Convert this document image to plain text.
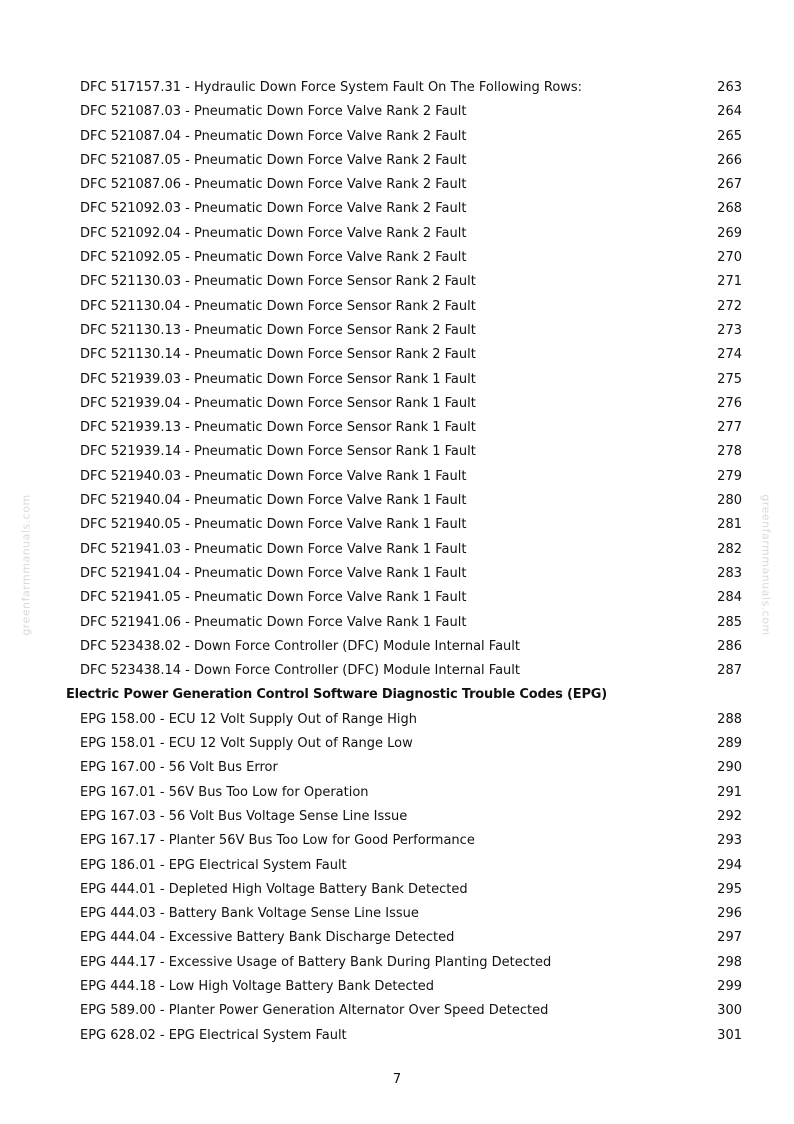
greenfarmmanuals.com	greenfarmmanuals.com
DFC 517157.31 - Hydraulic Down Force System Fault On The Following Rows:	263
DFC 521087.03 - Pneumatic Down Force Valve Rank 2 Fault	264
DFC 521087.04 - Pneumatic Down Force Valve Rank 2 Fault	265
DFC 521087.05 - Pneumatic Down Force Valve Rank 2 Fault	266
DFC 521087.06 - Pneumatic Down Force Valve Rank 2 Fault	267
DFC 521092.03 - Pneumatic Down Force Valve Rank 2 Fault	268
DFC 521092.04 - Pneumatic Down Force Valve Rank 2 Fault	269
DFC 521092.05 - Pneumatic Down Force Valve Rank 2 Fault	270
DFC 521130.03 - Pneumatic Down Force Sensor Rank 2 Fault	271
DFC 521130.04 - Pneumatic Down Force Sensor Rank 2 Fault	272
DFC 521130.13 - Pneumatic Down Force Sensor Rank 2 Fault	273
DFC 521130.14 - Pneumatic Down Force Sensor Rank 2 Fault	274
DFC 521939.03 - Pneumatic Down Force Sensor Rank 1 Fault	275
DFC 521939.04 - Pneumatic Down Force Sensor Rank 1 Fault	276
DFC 521939.13 - Pneumatic Down Force Sensor Rank 1 Fault	277
DFC 521939.14 - Pneumatic Down Force Sensor Rank 1 Fault	278
DFC 521940.03 - Pneumatic Down Force Valve Rank 1 Fault	279
DFC 521940.04 - Pneumatic Down Force Valve Rank 1 Fault	280
DFC 521940.05 - Pneumatic Down Force Valve Rank 1 Fault	281
DFC 521941.03 - Pneumatic Down Force Valve Rank 1 Fault	282
DFC 521941.04 - Pneumatic Down Force Valve Rank 1 Fault	283
DFC 521941.05 - Pneumatic Down Force Valve Rank 1 Fault	284
DFC 521941.06 - Pneumatic Down Force Valve Rank 1 Fault	285
DFC 523438.02 - Down Force Controller (DFC) Module Internal Fault	286
DFC 523438.14 - Down Force Controller (DFC) Module Internal Fault	287
Electric Power Generation Control Software Diagnostic Trouble Codes (EPG)
EPG 158.00 - ECU 12 Volt Supply Out of Range High	288
EPG 158.01 - ECU 12 Volt Supply Out of Range Low	289
EPG 167.00 - 56 Volt Bus Error	290
EPG 167.01 - 56V Bus Too Low for Operation	291
EPG 167.03 - 56 Volt Bus Voltage Sense Line Issue	292
EPG 167.17 - Planter 56V Bus Too Low for Good Performance	293
EPG 186.01 - EPG Electrical System Fault	294
EPG 444.01 - Depleted High Voltage Battery Bank Detected	295
EPG 444.03 - Battery Bank Voltage Sense Line Issue	296
EPG 444.04 - Excessive Battery Bank Discharge Detected	297
EPG 444.17 - Excessive Usage of Battery Bank During Planting Detected	298
EPG 444.18 - Low High Voltage Battery Bank Detected	299
EPG 589.00 - Planter Power Generation Alternator Over Speed Detected	300
EPG 628.02 - EPG Electrical System Fault	301
7
